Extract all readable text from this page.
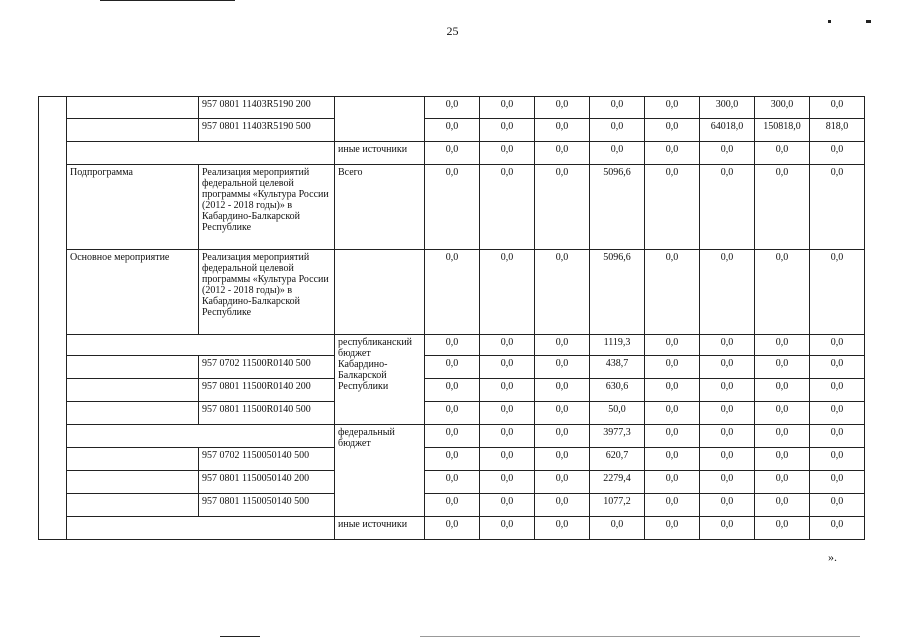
25
		957 0801 11403R5190 200		0,0	0,0	0,0	0,0	0,0	300,0	300,0	0,0
		957 0801 11403R5190 500		0,0	0,0	0,0	0,0	0,0	64018,0	150818,0	818,0
			иные источники	0,0	0,0	0,0	0,0	0,0	0,0	0,0	0,0
	Подпрограмма	Реализация мероприятий федеральной целевой программы «Культура России (2012 - 2018 годы)» в Кабардино-Балкарской Республике	Всего	0,0	0,0	0,0	5096,6	0,0	0,0	0,0	0,0
	Основное мероприятие	Реализация мероприятий федеральной целевой программы «Культура России (2012 - 2018 годы)» в Кабардино-Балкарской Республике		0,0	0,0	0,0	5096,6	0,0	0,0	0,0	0,0
			республиканский бюджет Кабардино-Балкарской Республики	0,0	0,0	0,0	1119,3	0,0	0,0	0,0	0,0
		957 0702 11500R0140 500		0,0	0,0	0,0	438,7	0,0	0,0	0,0	0,0
		957 0801 11500R0140 200		0,0	0,0	0,0	630,6	0,0	0,0	0,0	0,0
		957 0801 11500R0140 500		0,0	0,0	0,0	50,0	0,0	0,0	0,0	0,0
			федеральный бюджет	0,0	0,0	0,0	3977,3	0,0	0,0	0,0	0,0
		957 0702 1150050140 500		0,0	0,0	0,0	620,7	0,0	0,0	0,0	0,0
		957 0801 1150050140 200		0,0	0,0	0,0	2279,4	0,0	0,0	0,0	0,0
		957 0801 1150050140 500		0,0	0,0	0,0	1077,2	0,0	0,0	0,0	0,0
			иные источники	0,0	0,0	0,0	0,0	0,0	0,0	0,0	0,0
».
